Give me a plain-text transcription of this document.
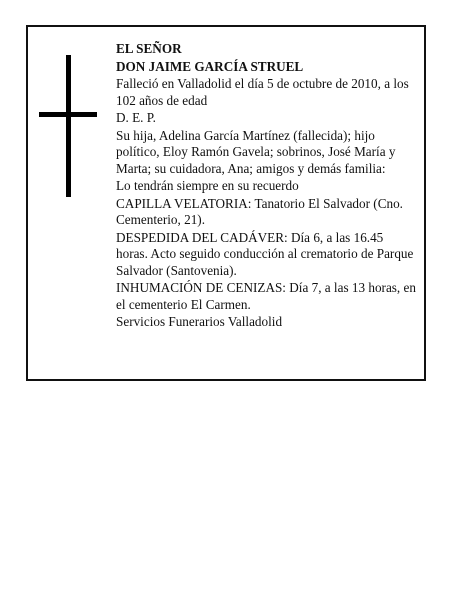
EL SEÑOR

DON JAIME GARCÍA STRUEL

Falleció en Valladolid el día 5 de octubre de 2010, a los 102 años de edad

D. E. P.

Su hija, Adelina García Martínez (fallecida); hijo político, Eloy Ramón Gavela; sobrinos, José María y Marta; su cuidadora, Ana; amigos y demás familia:

Lo tendrán siempre en su recuerdo

CAPILLA VELATORIA: Tanatorio El Salvador (Cno. Cementerio, 21).

DESPEDIDA DEL CADÁVER: Día 6, a las 16.45 horas. Acto seguido conducción al crematorio de Parque Salvador (Santovenia).

INHUMACIÓN DE CENIZAS: Día 7, a las 13 horas, en el cementerio El Carmen.

Servicios Funerarios Valladolid
